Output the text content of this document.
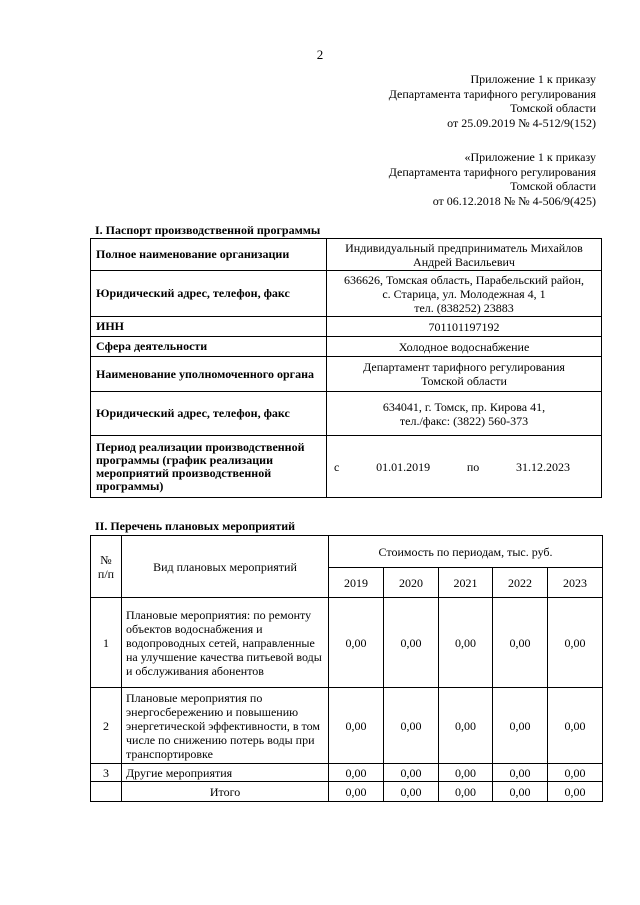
2
Приложение 1 к приказу
Департамента тарифного регулирования
Томской области
от 25.09.2019 № 4-512/9(152)
«Приложение 1 к приказу
Департамента тарифного регулирования
Томской области
от 06.12.2018 № № 4-506/9(425)
I. Паспорт производственной программы
Полное наименование организации	Индивидуальный предприниматель Михайлов
Андрей Васильевич

Юридический адрес, телефон, факс	636626, Томская область, Парабельский район,
с. Старица, ул. Молодежная 4, 1
тел. (838252) 23883

ИНН	701101197192

Сфера деятельности	Холодное водоснабжение

Наименование уполномоченного органа	Департамент тарифного регулирования
Томской области

Юридический адрес, телефон, факс	634041, г. Томск, пр. Кирова 41,
тел./факс: (3822) 560-373

Период реализации производственной программы (график реализации мероприятий производственной программы)	с 01.01.2019 по 31.12.2023
II. Перечень плановых мероприятий
№ п/п	Вид плановых мероприятий	Стоимость по периодам, тыс. руб.				
		2019	2020	2021	2022	2023
1	Плановые мероприятия: по ремонту объектов водоснабжения и водопроводных сетей, направленные на улучшение качества питьевой воды и обслуживания абонентов	0,00	0,00	0,00	0,00	0,00
2	Плановые мероприятия по энергосбережению и повышению энергетической эффективности, в том числе по снижению потерь воды при транспортировке	0,00	0,00	0,00	0,00	0,00
3	Другие мероприятия	0,00	0,00	0,00	0,00	0,00
	Итого	0,00	0,00	0,00	0,00	0,00
